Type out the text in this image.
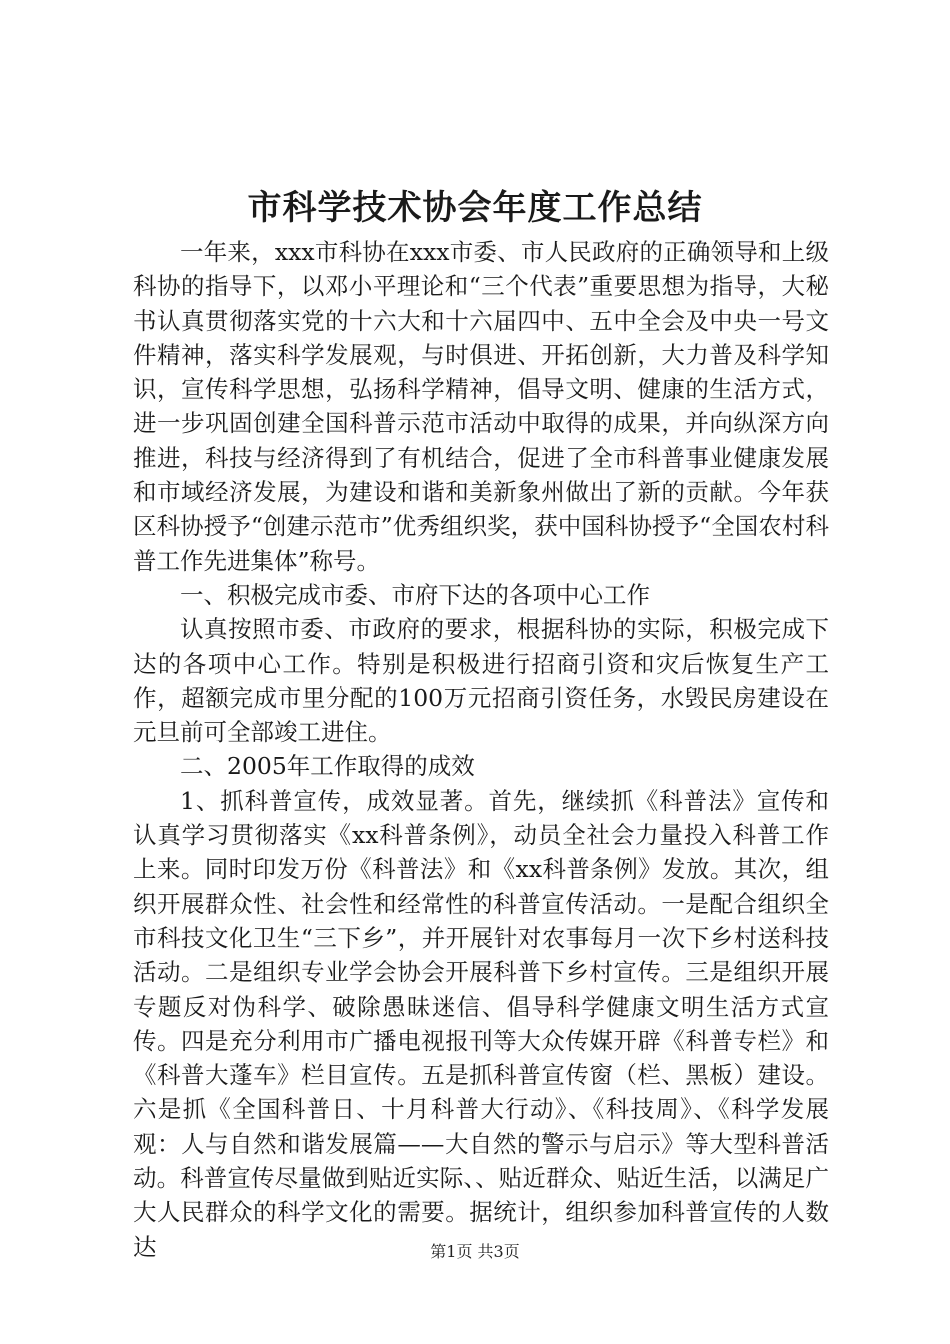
市科学技术协会年度工作总结

一年来，xxx市科协在xxx市委、市人民政府的正确领导和上级科协的指导下，以邓小平理论和“三个代表”重要思想为指导，大秘书认真贯彻落实党的十六大和十六届四中、五中全会及中央一号文件精神，落实科学发展观，与时俱进、开拓创新，大力普及科学知识，宣传科学思想，弘扬科学精神，倡导文明、健康的生活方式，进一步巩固创建全国科普示范市活动中取得的成果，并向纵深方向推进，科技与经济得到了有机结合，促进了全市科普事业健康发展和市域经济发展，为建设和谐和美新象州做出了新的贡献。今年获区科协授予“创建示范市”优秀组织奖，获中国科协授予“全国农村科普工作先进集体”称号。

一、积极完成市委、市府下达的各项中心工作

认真按照市委、市政府的要求，根据科协的实际，积极完成下达的各项中心工作。特别是积极进行招商引资和灾后恢复生产工作，超额完成市里分配的100万元招商引资任务，水毁民房建设在元旦前可全部竣工进住。

二、2005年工作取得的成效

1、抓科普宣传，成效显著。首先，继续抓《科普法》宣传和认真学习贯彻落实《xx科普条例》，动员全社会力量投入科普工作上来。同时印发万份《科普法》和《xx科普条例》发放。其次，组织开展群众性、社会性和经常性的科普宣传活动。一是配合组织全市科技文化卫生“三下乡”，并开展针对农事每月一次下乡村送科技活动。二是组织专业学会协会开展科普下乡村宣传。三是组织开展专题反对伪科学、破除愚昧迷信、倡导科学健康文明生活方式宣传。四是充分利用市广播电视报刊等大众传媒开辟《科普专栏》和《科普大蓬车》栏目宣传。五是抓科普宣传窗（栏、黑板）建设。六是抓《全国科普日、十月科普大行动》、《科技周》、《科学发展观：人与自然和谐发展篇——大自然的警示与启示》等大型科普活动。科普宣传尽量做到贴近实际、、贴近群众、贴近生活，以满足广大人民群众的科学文化的需要。据统计，组织参加科普宣传的人数达	第1页 共3页
